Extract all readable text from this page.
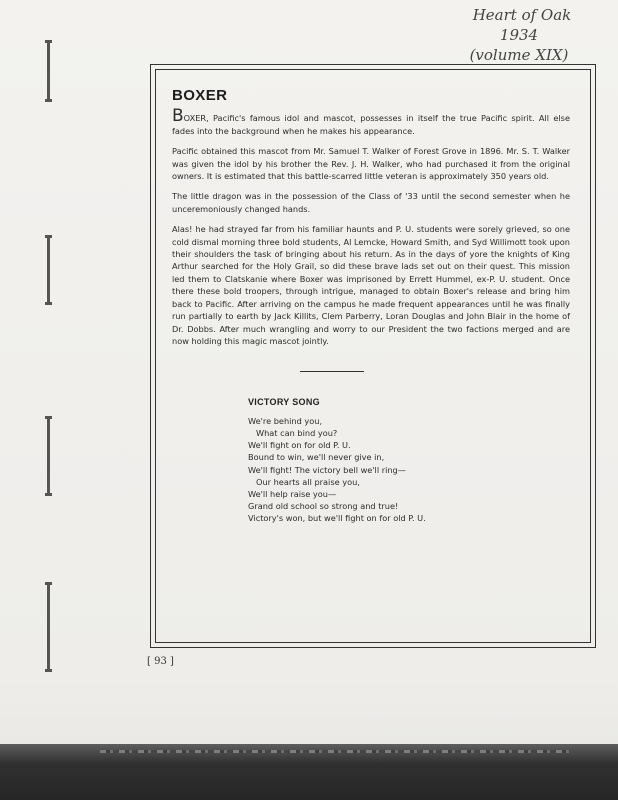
Heart of Oak
1934
(volume XIX)
BOXER

BOXER, Pacific's famous idol and mascot, possesses in itself the true Pacific spirit. All else fades into the background when he makes his appearance.

Pacific obtained this mascot from Mr. Samuel T. Walker of Forest Grove in 1896. Mr. S. T. Walker was given the idol by his brother the Rev. J. H. Walker, who had purchased it from the original owners. It is estimated that this battle-scarred little veteran is approximately 350 years old.

The little dragon was in the possession of the Class of '33 until the second semester when he unceremoniously changed hands.

Alas! he had strayed far from his familiar haunts and P. U. students were sorely grieved, so one cold dismal morning three bold students, Al Lemcke, Howard Smith, and Syd Willimott took upon their shoulders the task of bringing about his return. As in the days of yore the knights of King Arthur searched for the Holy Grail, so did these brave lads set out on their quest. This mission led them to Clatskanie where Boxer was imprisoned by Errett Hummel, ex-P. U. student. Once there these bold troopers, through intrigue, managed to obtain Boxer's release and bring him back to Pacific. After arriving on the campus he made frequent appearances until he was finally run partially to earth by Jack Killits, Clem Parberry, Loran Douglas and John Blair in the home of Dr. Dobbs. After much wrangling and worry to our President the two factions merged and are now holding this magic mascot jointly.

VICTORY SONG
We're behind you,
What can bind you?
We'll fight on for old P. U.
Bound to win, we'll never give in,
We'll fight! The victory bell we'll ring—
Our hearts all praise you,
We'll help raise you—
Grand old school so strong and true!
Victory's won, but we'll fight on for old P. U.
[ 93 ]
